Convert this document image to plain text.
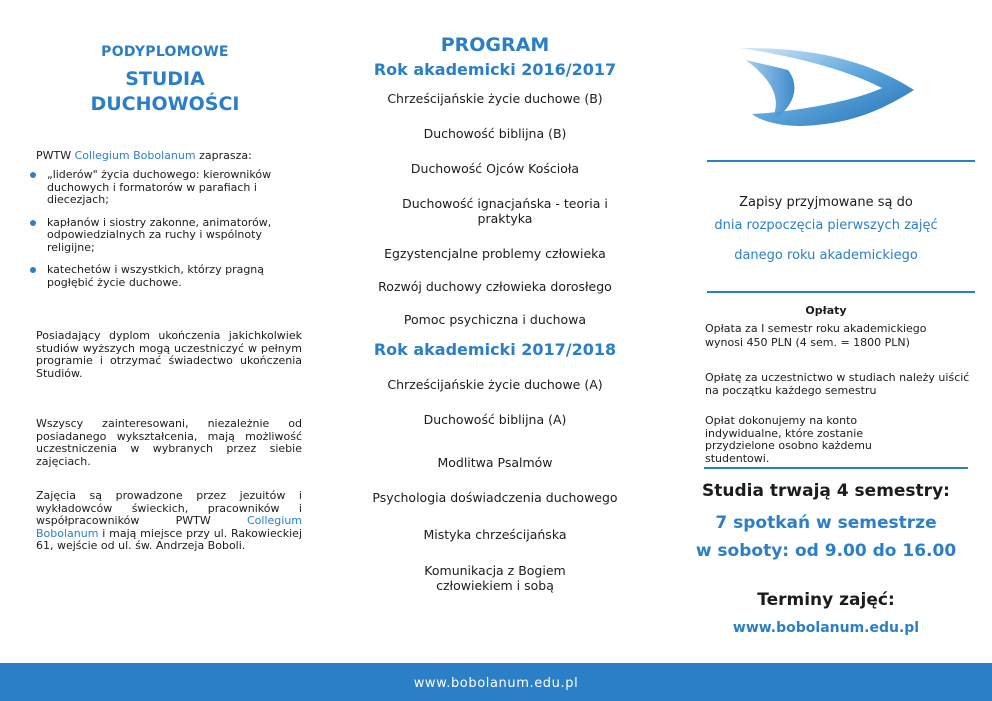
PODYPLOMOWE
STUDIA
DUCHOWOŚCI
PWTW Collegium Bobolanum zaprasza:
„liderów" życia duchowego: kierowników duchowych i formatorów w parafiach i diecezjach;
kapłanów i siostry zakonne, animatorów, odpowiedzialnych za ruchy i wspólnoty religijne;
katechetów i wszystkich, którzy pragną pogłębić życie duchowe.
Posiadający dyplom ukończenia jakichkolwiek studiów wyższych mogą uczestniczyć w pełnym programie i otrzymać świadectwo ukończenia Studiów.
Wszyscy zainteresowani, niezależnie od posiadanego wykształcenia, mają możliwość uczestniczenia w wybranych przez siebie zajęciach.
Zajęcia są prowadzone przez jezuitów i wykładowców świeckich, pracowników i współpracowników PWTW	Collegium Bobolanum i mają miejsce przy ul. Rakowieckiej 61, wejście od ul. św. Andrzeja Boboli.
PROGRAM
Rok akademicki 2016/2017
Chrześcijańskie życie duchowe (B)
Duchowość biblijna (B)
Duchowość Ojców Kościoła
Duchowość ignacjańska - teoria i praktyka
Egzystencjalne problemy człowieka
Rozwój duchowy człowieka dorosłego
Pomoc psychiczna i duchowa
Rok akademicki 2017/2018
Chrześcijańskie życie duchowe (A)
Duchowość biblijna (A)
Modlitwa Psalmów
Psychologia doświadczenia duchowego
Mistyka chrześcijańska
Komunikacja z Bogiem człowiekiem i sobą
Zapisy przyjmowane są do
dnia rozpoczęcia pierwszych zajęć
danego roku akademickiego
Opłaty
Opłata za I semestr roku akademickiego
wynosi 450 PLN (4 sem. = 1800 PLN)
Opłatę za uczestnictwo w studiach należy uiścić na początku każdego semestru
Opłat dokonujemy na konto indywidualne, które zostanie przydzielone osobno każdemu studentowi.
Studia trwają 4 semestry:
7 spotkań w semestrze
w soboty: od 9.00 do 16.00
Terminy zajęć:
www.bobolanum.edu.pl
www.bobolanum.edu.pl
